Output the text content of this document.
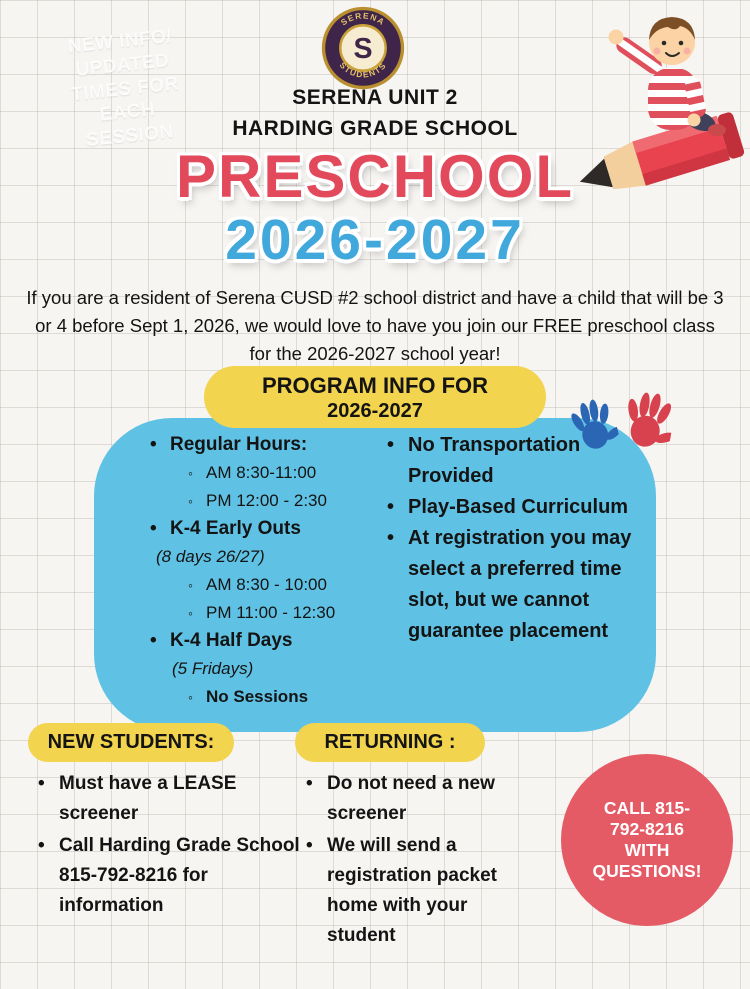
NEW INFO/
UPDATED
TIMES FOR
EACH
SESSION
SERENA
STUDENTS
S
SERENA UNIT 2
HARDING GRADE SCHOOL
PRESCHOOL
2026-2027

If you are a resident of Serena CUSD #2 school district and have a child that will be 3 or 4 before Sept 1, 2026, we would love to have you join our FREE preschool class for the 2026-2027 school year!

PROGRAM INFO FOR
2026-2027
• Regular Hours:
◦ AM 8:30-11:00
◦ PM 12:00 - 2:30
• K-4 Early Outs
(8 days 26/27)
◦ AM 8:30 - 10:00
◦ PM 11:00 - 12:30
• K-4 Half Days
(5 Fridays)
◦ No Sessions
• No Transportation Provided
• Play-Based Curriculum
• At registration you may select a preferred time slot, but we cannot guarantee placement
NEW STUDENTS:	RETURNING :
• Must have a LEASE screener
• Call Harding Grade School 815-792-8216 for information
• Do not need a new screener
• We will send a registration packet home with your student
CALL 815-
792-8216
WITH
QUESTIONS!
